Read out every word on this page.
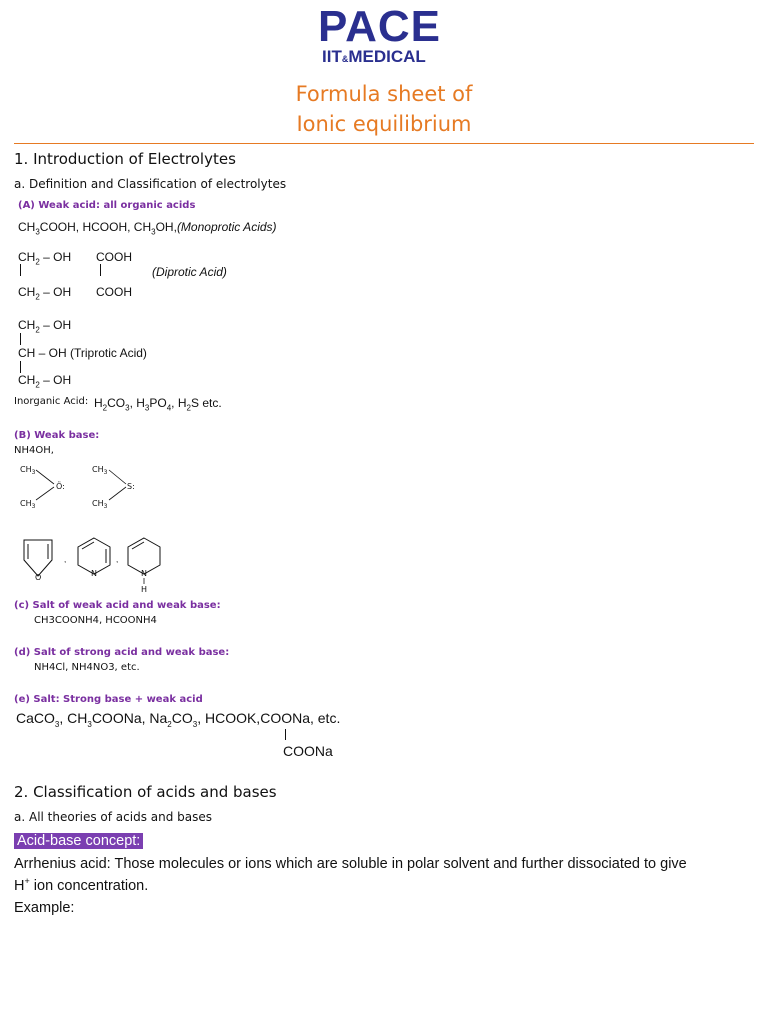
PACE
IIT&MEDICAL
Formula sheet of
Ionic equilibrium
1. Introduction of Electrolytes
a. Definition and Classification of electrolytes
(A) Weak acid: all organic acids
$CH_3COOH$, HCOOH, $CH_3OH,(Monoprotic$ Acids)
$CH_2$ – OH COOH
(Diprotic Acid)
$CH_2$ – OH COOH
$CH_2$ – OH
CH – OH (Triprotic Acid)
$CH_2$ – OH
Inorganic Acid: $H_2CO_3$, $H_3PO_4$, $H_2S$ etc.
(B) Weak base:
NH4OH,
$CH_3$
$CH_3$
Ö:
$CH_3$
$CH_3$
S:
O
,
N
,
N
H
(c) Salt of weak acid and weak base:
CH3COONH4, HCOONH4
(d) Salt of strong acid and weak base:
NH4Cl, NH4NO3, etc.
(e) Salt: Strong base + weak acid
CaCO$_3$, $CH_3COONa$, $Na_2CO_3$, HCOOK,COONa, etc.
COONa
2. Classification of acids and bases
a. All theories of acids and bases
Acid-base concept:
Arrhenius acid: Those molecules or ions which are soluble in polar solvent and further dissociated to give
H+ ion concentration.
Example:
